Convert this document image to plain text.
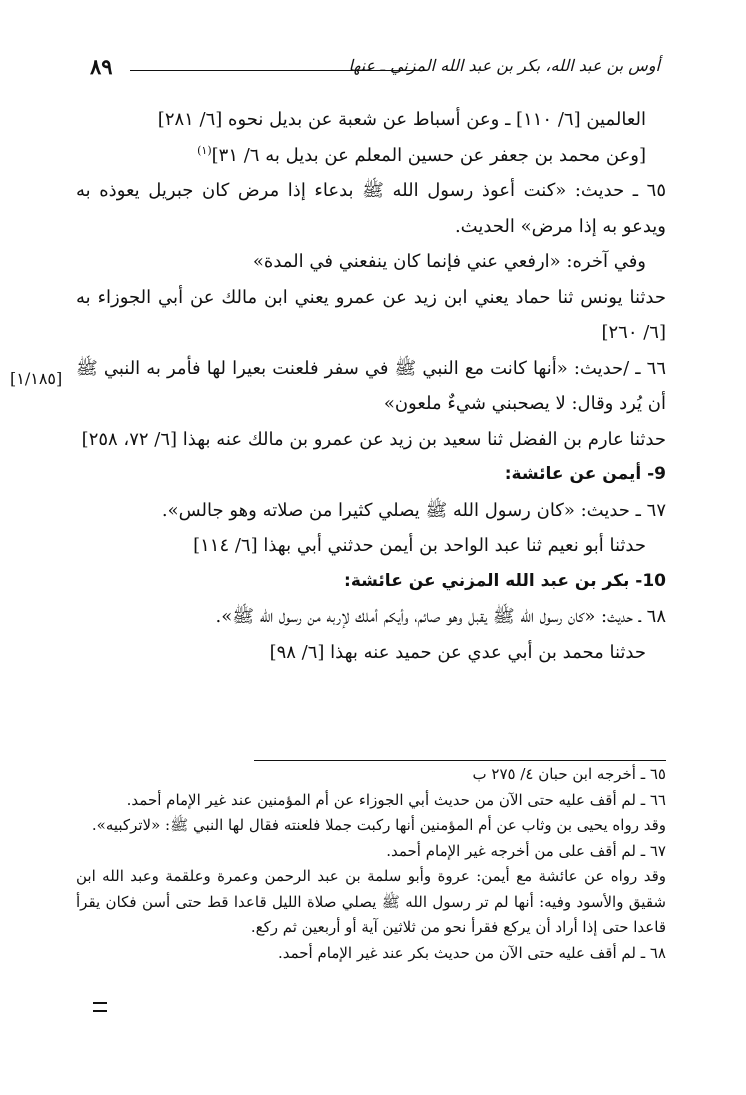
أوس بن عبد الله، بكر بن عبد الله المزني ـ عنها
٨٩
[١/١٨٥]

العالمين [٦/ ١١٠] ـ وعن أسباط عن شعبة عن بديل نحوه [٦/ ٢٨١]

[وعن محمد بن جعفر عن حسين المعلم عن بديل به ٦/ ٣١]$^{(١)}$

٦٥ ـ حديث: «كنت أعوذ رسول الله ﷺ بدعاء إذا مرض كان جبريل يعوذه به ويدعو به إذا مرض» الحديث.

وفي آخره: «ارفعي عني فإنما كان ينفعني في المدة»

حدثنا يونس ثنا حماد يعني ابن زيد عن عمرو يعني ابن مالك عن أبي الجوزاء به [٦/ ٢٦٠]

٦٦ ـ /حديث: «أنها كانت مع النبي ﷺ في سفر فلعنت بعيرا لها فأمر به النبي ﷺ أن يُرد وقال: لا يصحبني شيءٌ ملعون»

حدثنا عارم بن الفضل ثنا سعيد بن زيد عن عمرو بن مالك عنه بهذا [٦/ ٧٢، ٢٥٨]

9- أيمن عن عائشة:

٦٧ ـ حديث: «كان رسول الله ﷺ يصلي كثيرا من صلاته وهو جالس».

حدثنا أبو نعيم ثنا عبد الواحد بن أيمن حدثني أبي بهذا [٦/ ١١٤]

10- بكر بن عبد الله المزني عن عائشة:

٦٨ ـ حديث: «كان رسول الله ﷺ يقبل وهو صائم، وأيكم أملك لإربه من رسول الله ﷺ».

حدثنا محمد بن أبي عدي عن حميد عنه بهذا [٦/ ٩٨]

٦٥ ـ أخرجه ابن حبان ٤/ ٢٧٥ ب

٦٦ ـ لم أقف عليه حتى الآن من حديث أبي الجوزاء عن أم المؤمنين عند غير الإمام أحمد.

وقد رواه يحيى بن وثاب عن أم المؤمنين أنها ركبت جملا فلعنته فقال لها النبي ﷺ: «لاتركبيه».

٦٧ ـ لم أقف على من أخرجه غير الإمام أحمد.

وقد رواه عن عائشة مع أيمن: عروة وأبو سلمة بن عبد الرحمن وعمرة وعلقمة وعبد الله ابن شقيق والأسود وفيه: أنها لم تر رسول الله ﷺ يصلي صلاة الليل قاعدا قط حتى أسن فكان يقرأ قاعدا حتى إذا أراد أن يركع فقرأ نحو من ثلاثين آية أو أربعين ثم ركع.

٦٨ ـ لم أقف عليه حتى الآن من حديث بكر عند غير الإمام أحمد.
